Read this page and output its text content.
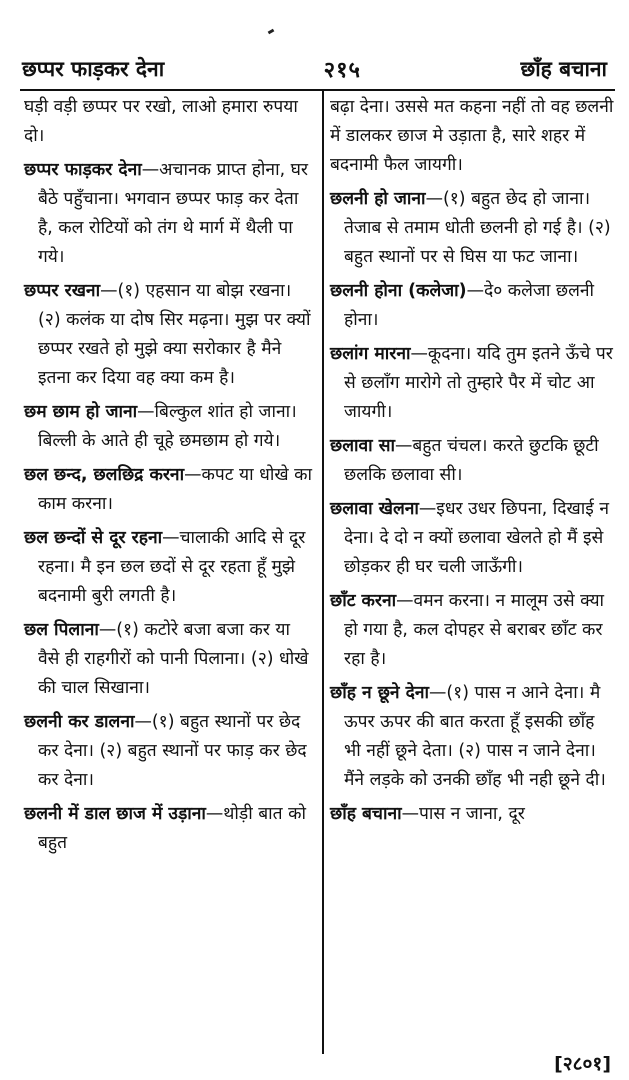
छप्पर फाड़कर देना	२१५	छाँह बचाना

घड़ी वड़ी छप्पर पर रखो, लाओ हमारा रुपया दो।

छप्पर फाड़कर देना—अचानक प्राप्त होना, घर बैठे पहुँचाना। भगवान छप्पर फाड़ कर देता है, कल रोटियों को तंग थे मार्ग में थैली पा गये।

छप्पर रखना—(१) एहसान या बोझ रखना। (२) कलंक या दोष सिर मढ़ना। मुझ पर क्यों छप्पर रखते हो मुझे क्या सरोकार है मैने इतना कर दिया वह क्या कम है।

छम छाम हो जाना—बिल्कुल शांत हो जाना। बिल्ली के आते ही चूहे छमछाम हो गये।

छल छन्द, छलछिद्र करना—कपट या धोखे का काम करना।

छल छन्दों से दूर रहना—चालाकी आदि से दूर रहना। मै इन छल छदों से दूर रहता हूँ मुझे बदनामी बुरी लगती है।

छल पिलाना—(१) कटोरे बजा बजा कर या वैसे ही राहगीरों को पानी पिलाना। (२) धोखे की चाल सिखाना।

छलनी कर डालना—(१) बहुत स्थानों पर छेद कर देना। (२) बहुत स्थानों पर फाड़ कर छेद कर देना।

छलनी में डाल छाज में उड़ाना—थोड़ी बात को बहुत

बढ़ा देना। उससे मत कहना नहीं तो वह छलनी में डालकर छाज मे उड़ाता है, सारे शहर में बदनामी फैल जायगी।

छलनी हो जाना—(१) बहुत छेद हो जाना। तेजाब से तमाम धोती छलनी हो गई है। (२) बहुत स्थानों पर से घिस या फट जाना।

छलनी होना (कलेजा)—दे० कलेजा छलनी होना।

छलांग मारना—कूदना। यदि तुम इतने ऊँचे पर से छलाँग मारोगे तो तुम्हारे पैर में चोट आ जायगी।

छलावा सा—बहुत चंचल। करते छुटकि छूटी छलकि छलावा सी।

छलावा खेलना—इधर उधर छिपना, दिखाई न देना। दे दो न क्यों छलावा खेलते हो मैं इसे छोड़कर ही घर चली जाऊँगी।

छाँट करना—वमन करना। न मालूम उसे क्या हो गया है, कल दोपहर से बराबर छाँट कर रहा है।

छाँह न छूने देना—(१) पास न आने देना। मै ऊपर ऊपर की बात करता हूँ इसकी छाँह भी नहीं छूने देता। (२) पास न जाने देना। मैंने लड़के को उनकी छाँह भी नही छूने दी।

छाँह बचाना—पास न जाना, दूर

[२८०१]
